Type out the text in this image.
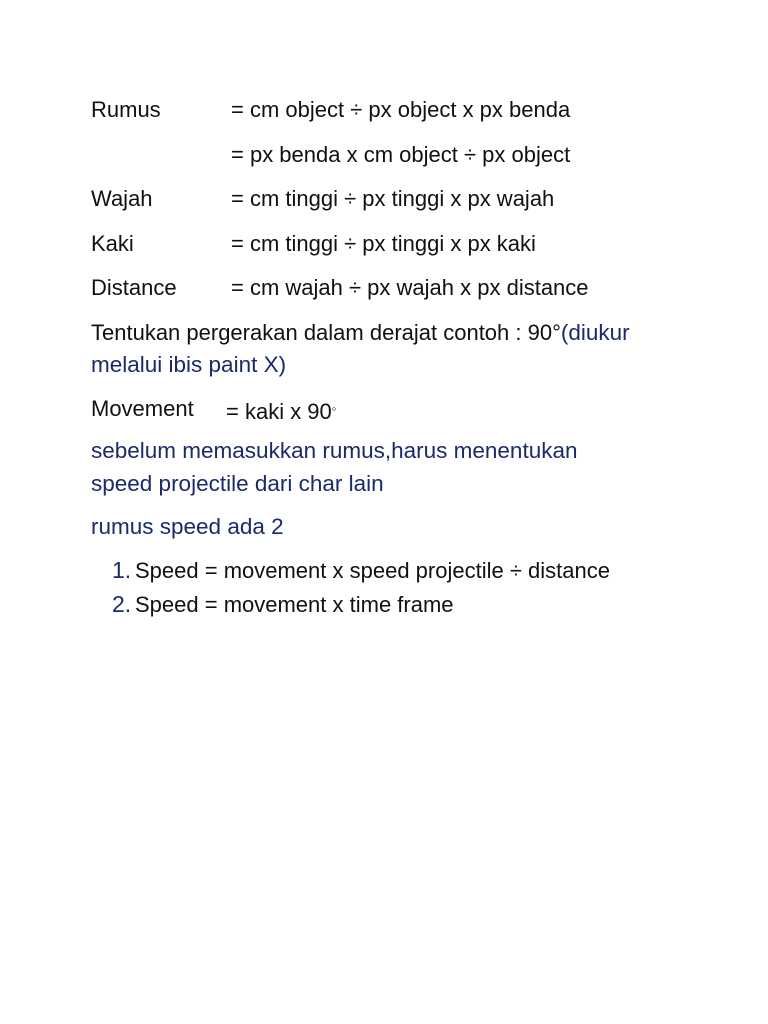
Rumus	= cm object ÷ px object x px benda
= px benda x cm object ÷ px object
Wajah	= cm tinggi ÷ px tinggi x px wajah
Kaki	= cm tinggi ÷ px tinggi x px kaki
Distance = cm wajah ÷ px wajah x px distance
Tentukan pergerakan dalam derajat contoh : 90°(diukur
melalui ibis paint X)
Movement = kaki x 90◦
sebelum memasukkan rumus,harus menentukan
speed projectile dari char lain
rumus speed ada 2
1. Speed = movement x speed projectile ÷ distance
2. Speed = movement x time frame
